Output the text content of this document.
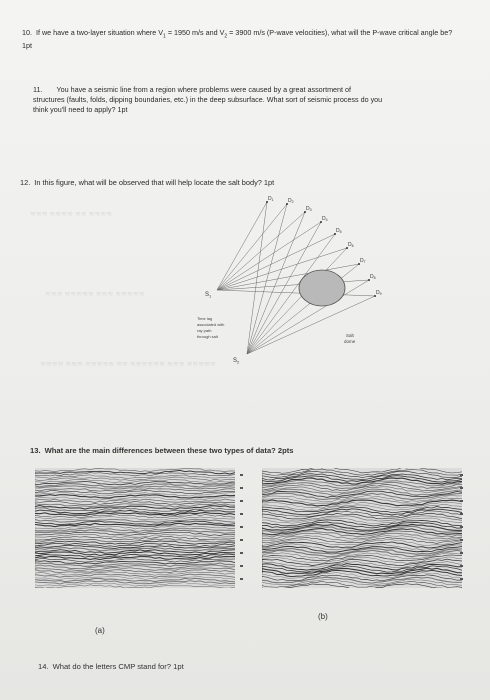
≋≋≋ ≋≋≋≋ ≋≋ ≋≋≋≋
≋≋≋ ≋≋≋≋≋ ≋≋≋ ≋≋≋≋≋
≋≋≋≋ ≋≋≋ ≋≋≋≋≋ ≋≋ ≋≋≋≋≋≋ ≋≋≋ ≋≋≋≋≋
10. If we have a two-layer situation where $V_1 = 1950$ m/s and $V_2 = 3900$ m/s (P-wave velocities), what will the P-wave critical angle be? 1pt
11. You have a seismic line from a region where problems were caused by a great assortment of structures (faults, folds, dipping boundaries, etc.) in the deep subsurface. What sort of seismic process do you think you'll need to apply? 1pt
12. In this figure, what will be observed that will help locate the salt body? 1pt
$D_1$	$D_2$
$D_3$
$D_4$
$D_5$
$D_6$
$D_7$
$D_8$
$D_9$
$S_1$
$S_2$
Time lag associated with ray path through salt	Salt dome
13. What are the main differences between these two types of data? 2pts
(a)
(b)
14. What do the letters CMP stand for? 1pt
